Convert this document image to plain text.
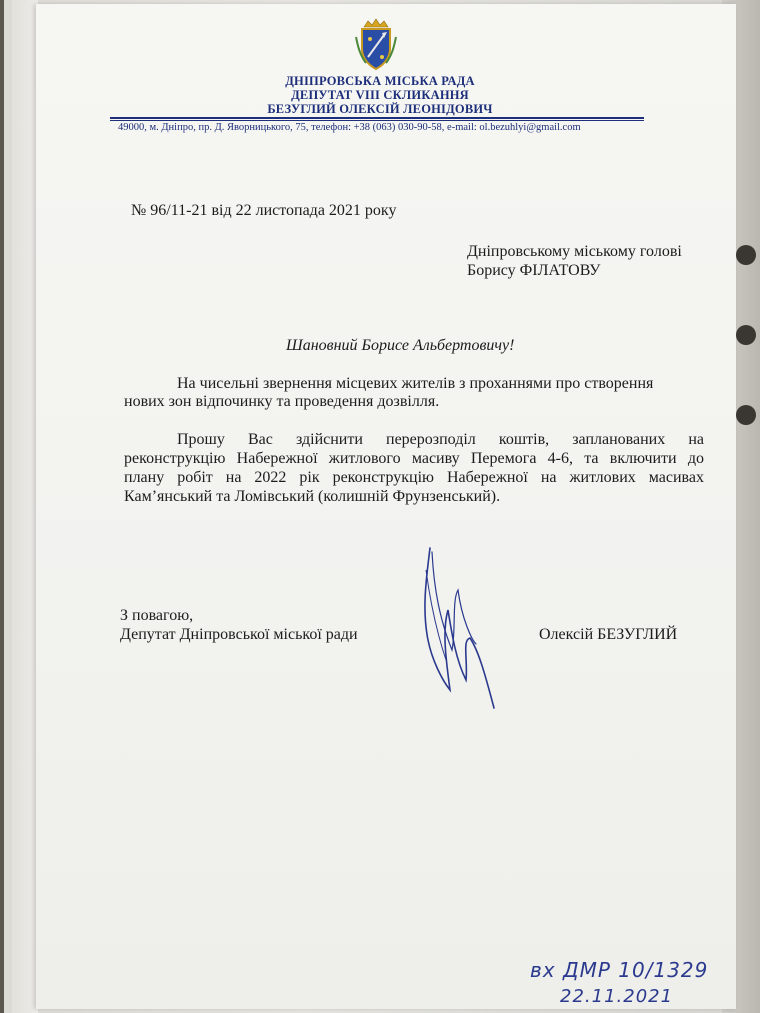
ДНІПРОВСЬКА МІСЬКА РАДА
ДЕПУТАТ VIII СКЛИКАННЯ
БЕЗУГЛИЙ ОЛЕКСІЙ ЛЕОНІДОВИЧ
49000, м. Дніпро, пр. Д. Яворницького, 75, телефон: +38 (063) 030-90-58, e-mail: ol.bezuhlyi@gmail.com
№ 96/11-21 від 22 листопада 2021 року
Дніпровському міському голові
Борису ФІЛАТОВУ
Шановний Борисе Альбертовичу!
На чисельні звернення місцевих жителів з проханнями про створення
нових зон відпочинку та проведення дозвілля.
Прошу Вас здійснити перерозподіл коштів, запланованих на
реконструкцію Набережної житлового масиву Перемога 4-6, та включити до
плану робіт на 2022 рік реконструкцію Набережної на житлових масивах
Кам’янський та Ломівський (колишній Фрунзенський).
З повагою,
Депутат Дніпровської міської ради	Олексій БЕЗУГЛИЙ
вх ДМР 10/1329
22.11.2021
